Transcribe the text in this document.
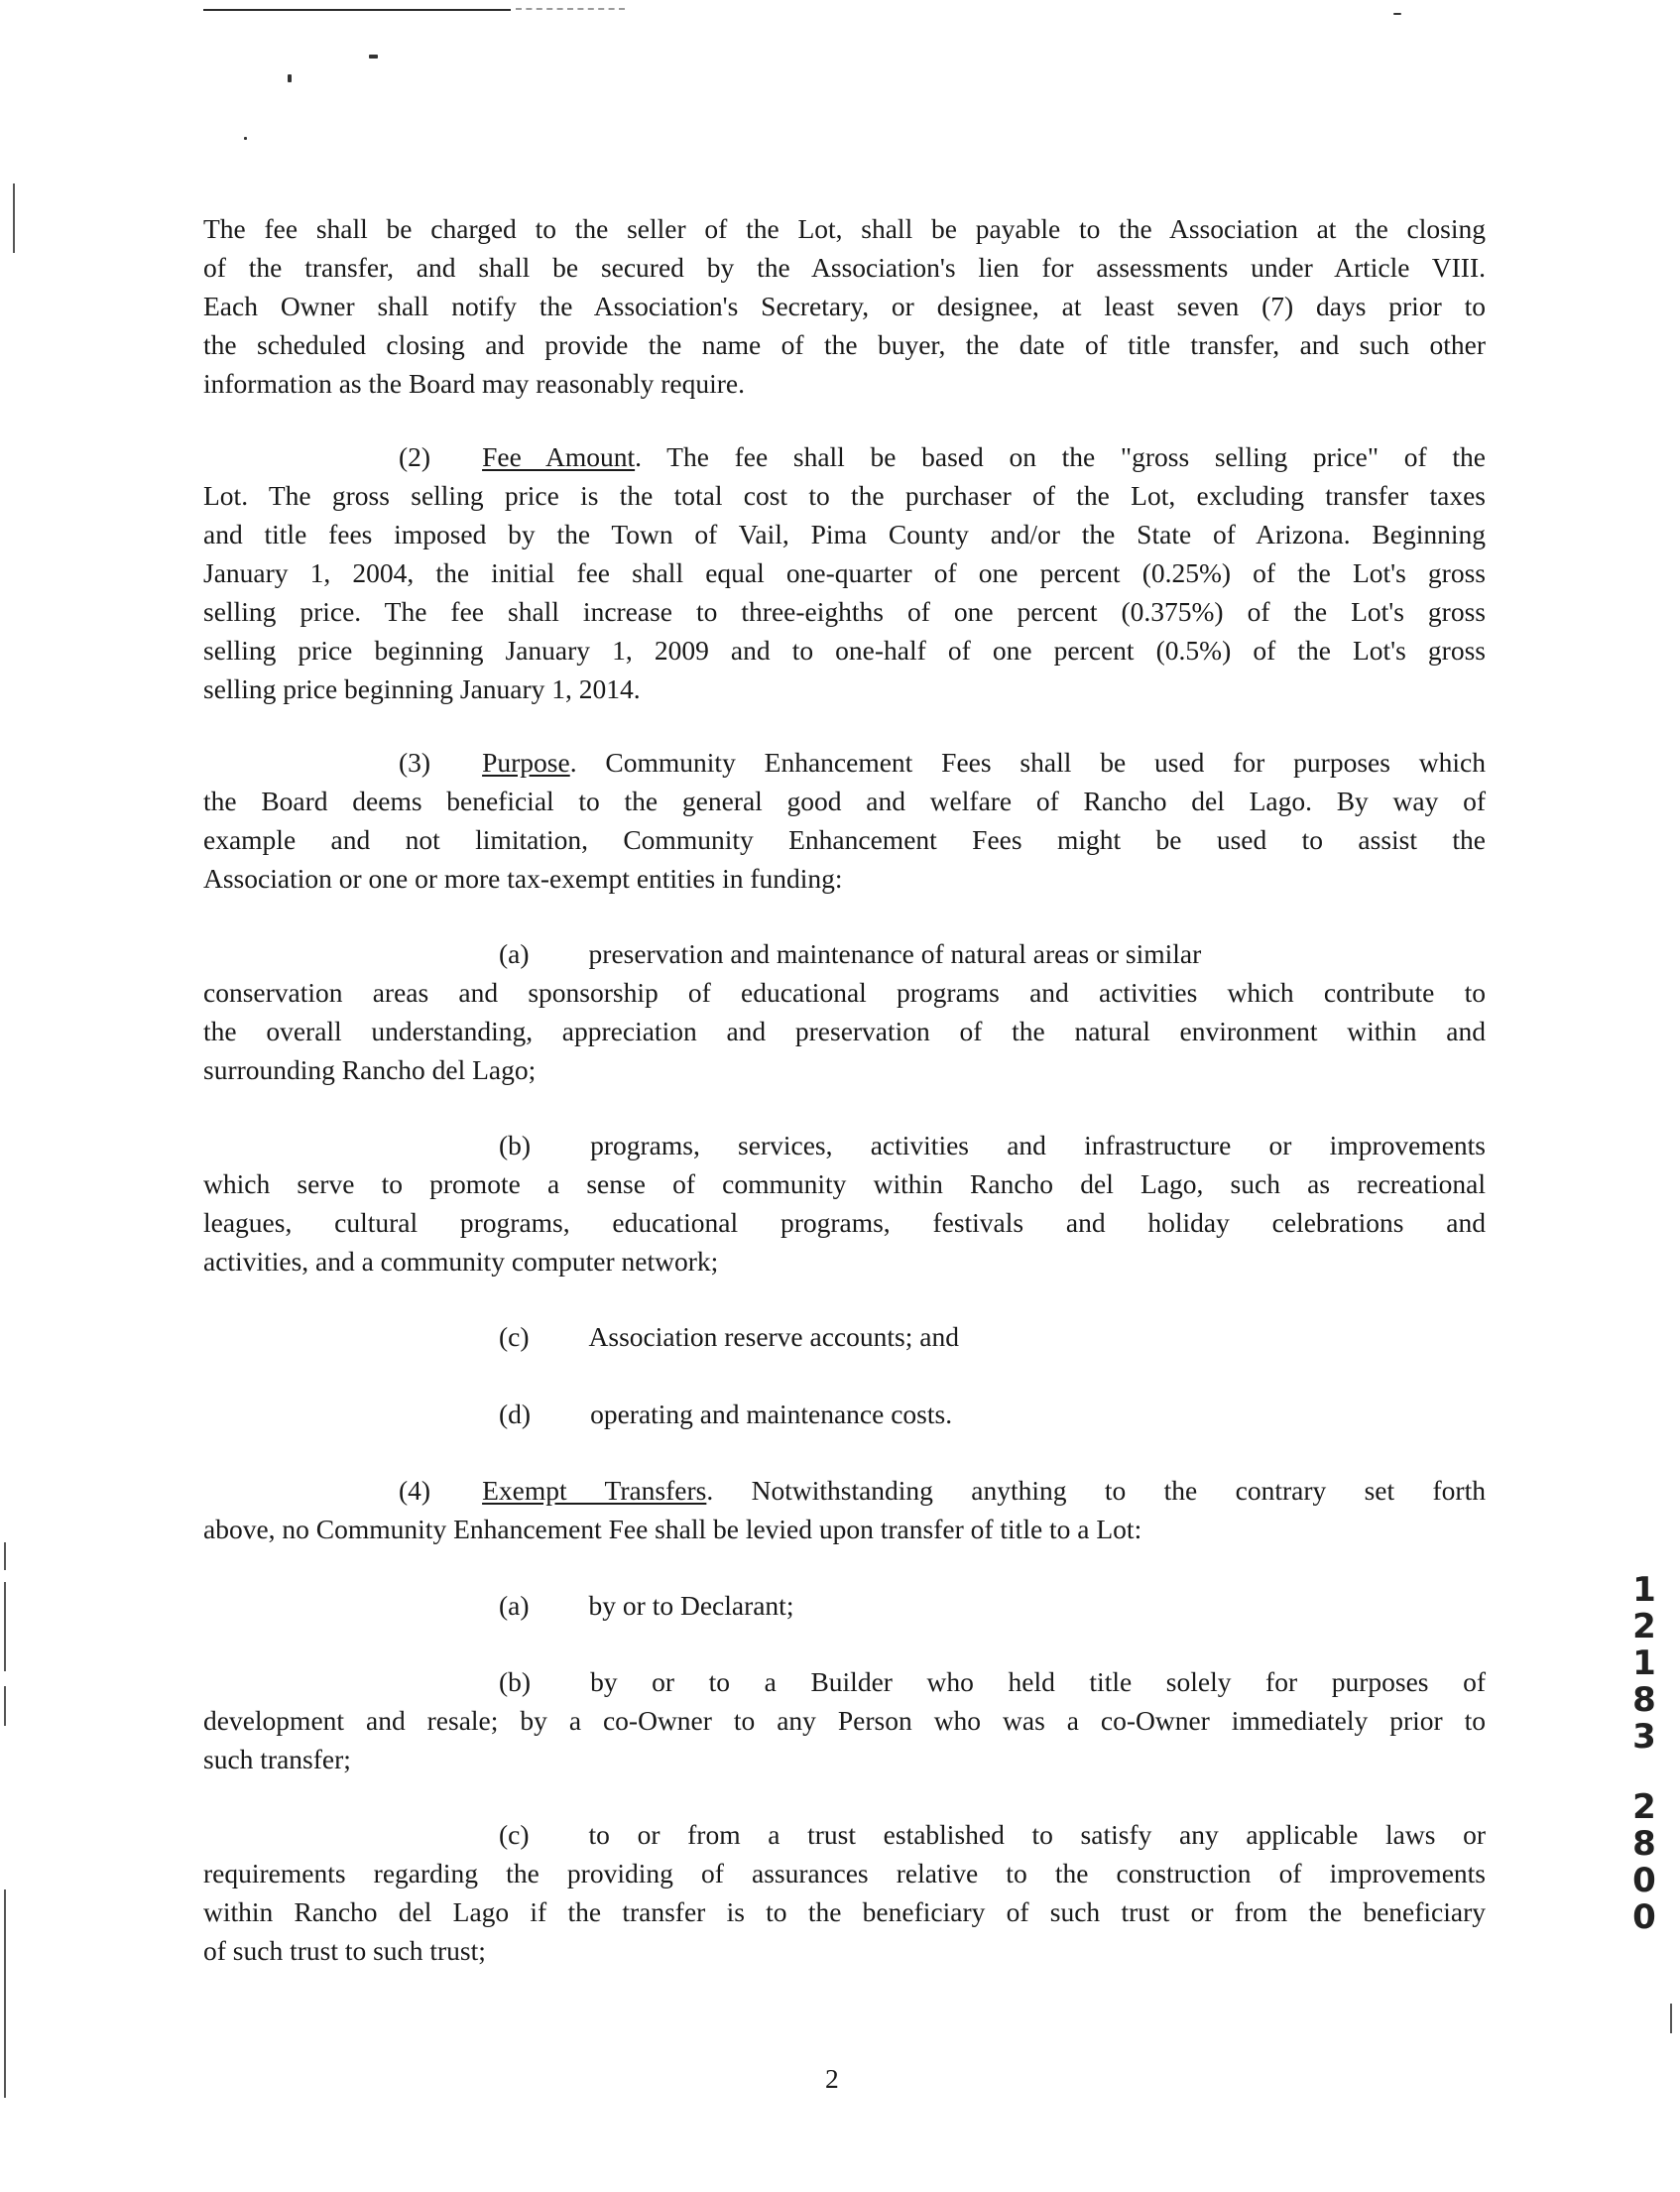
The fee shall be charged to the seller of the Lot, shall be payable to the Association at the closing
of the transfer, and shall be secured by the Association's lien for assessments under Article VIII.
Each Owner shall notify the Association's Secretary, or designee, at least seven (7) days prior to
the scheduled closing and provide the name of the buyer, the date of title transfer, and such other
information as the Board may reasonably require.
(2) Fee Amount. The fee shall be based on the "gross selling price" of the
Lot. The gross selling price is the total cost to the purchaser of the Lot, excluding transfer taxes
and title fees imposed by the Town of Vail, Pima County and/or the State of Arizona. Beginning
January 1, 2004, the initial fee shall equal one-quarter of one percent (0.25%) of the Lot's gross
selling price. The fee shall increase to three-eighths of one percent (0.375%) of the Lot's gross
selling price beginning January 1, 2009 and to one-half of one percent (0.5%) of the Lot's gross
selling price beginning January 1, 2014.
(3) Purpose. Community Enhancement Fees shall be used for purposes which
the Board deems beneficial to the general good and welfare of Rancho del Lago. By way of
example and not limitation, Community Enhancement Fees might be used to assist the
Association or one or more tax-exempt entities in funding:
(a) preservation and maintenance of natural areas or similar
conservation areas and sponsorship of educational programs and activities which contribute to
the overall understanding, appreciation and preservation of the natural environment within and
surrounding Rancho del Lago;
(b) programs, services, activities and infrastructure or improvements
which serve to promote a sense of community within Rancho del Lago, such as recreational
leagues, cultural programs, educational programs, festivals and holiday celebrations and
activities, and a community computer network;
(c) Association reserve accounts; and
(d) operating and maintenance costs.
(4) Exempt Transfers. Notwithstanding anything to the contrary set forth
above, no Community Enhancement Fee shall be levied upon transfer of title to a Lot:
(a) by or to Declarant;
(b) by or to a Builder who held title solely for purposes of
development and resale; by a co-Owner to any Person who was a co-Owner immediately prior to
such transfer;
(c) to or from a trust established to satisfy any applicable laws or
requirements regarding the providing of assurances relative to the construction of improvements
within Rancho del Lago if the transfer is to the beneficiary of such trust or from the beneficiary
of such trust to such trust;
2
1
2
1
8
3
2
8
0
0
